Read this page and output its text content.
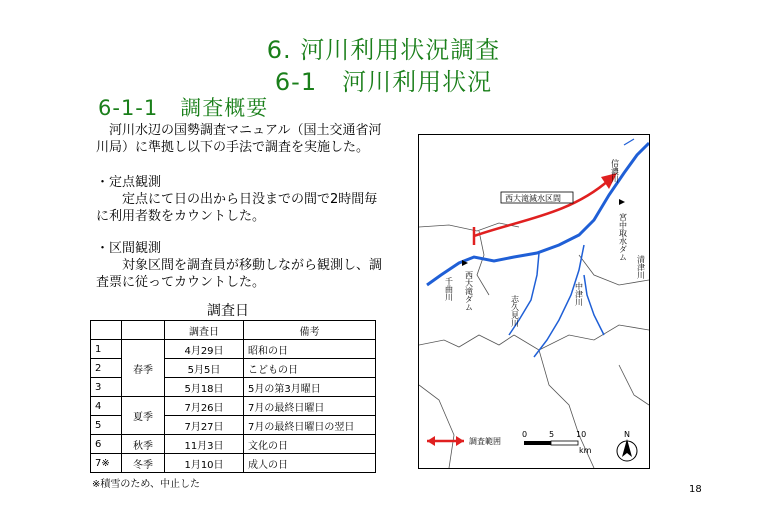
6. 河川利用状況調査
6-1　河川利用状況
6-1-1　調査概要
　河川水辺の国勢調査マニュアル（国土交通省河川局）に準拠し以下の手法で調査を実施した。
・定点観測
　　定点にて日の出から日没までの間で2時間毎に利用者数をカウントした。
・区間観測
　　対象区間を調査員が移動しながら観測し、調査票に従ってカウントした。
調査日
		調査日	備考
1	春季	4月29日	昭和の日
2		5月5日	こどもの日
3		5月18日	5月の第3月曜日
4	夏季	7月26日	7月の最終日曜日
5		7月27日	7月の最終日曜日の翌日
6	秋季	11月3日	文化の日
7※	冬季	1月10日	成人の日
※積雪のため、中止した	18
西大滝減水区間
信濃川
宮中取水ダム
清津川
西大滝ダム
千曲川
志久見川
中津川
調査範囲
0	5	10
km
N
